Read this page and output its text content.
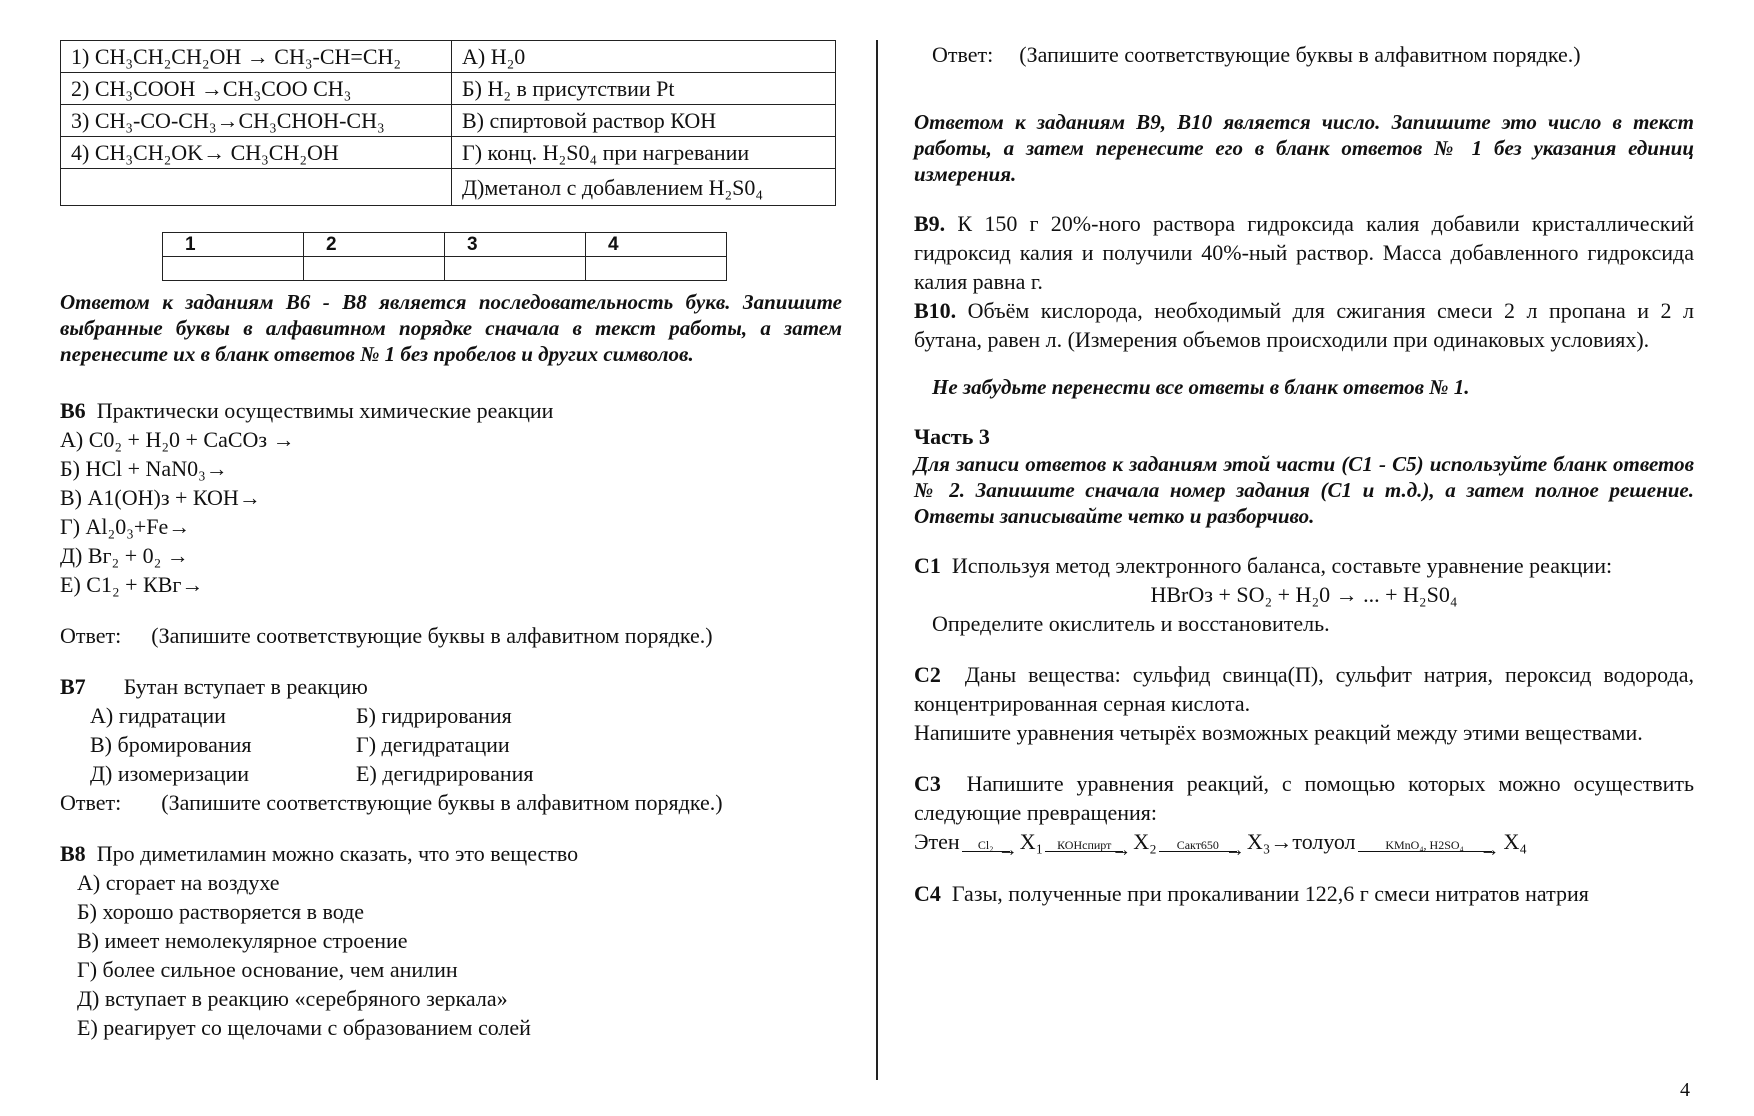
1) CH₃CH₂CH₂OH → CH₃-CH=CH₂	А) H₂0
2) CH₃COOH →CH₃COO CH₃	Б) H₂ в присутствии Pt
3) CH₃-CO-CH₃→CH₃CHOH-CH₃	В) спиртовой раствор КОН
4) CH₃CH₂OK→ CH₃CH₂OH	Г) конц. H₂S0₄ при нагревании
	Д)метанол с добавлением H₂S0₄
1	2	3	4

Ответом к заданиям В6 - В8 является последовательность букв. Запишите выбранные буквы в алфавитном порядке сначала в текст работы, а затем перенесите их в бланк ответов № 1 без пробелов и других символов.

В6 Практически осуществимы химические реакции

А) С0₂ + H₂0 + СаСОз →

Б) HCl + NaN0₃→

В) А1(ОН)з + КОН→

Г) Al₂0₃+Fe→

Д) Вг₂ + 0₂ →

Е) С1₂ + КВг→

Ответ: (Запишите соответствующие буквы в алфавитном порядке.)

В7 Бутан вступает в реакцию

А) гидратации	Б) гидрирования
В) бромирования	Г) дегидратации
Д) изомеризации	Е) дегидрирования

Ответ: (Запишите соответствующие буквы в алфавитном порядке.)

В8 Про диметиламин можно сказать, что это вещество

А) сгорает на воздухе

Б) хорошо растворяется в воде

В) имеет немолекулярное строение

Г) более сильное основание, чем анилин

Д) вступает в реакцию «серебряного зеркала»

Е) реагирует со щелочами с образованием солей

Ответ: (Запишите соответствующие буквы в алфавитном порядке.)

Ответом к заданиям В9, В10 является число. Запишите это число в текст работы, а затем перенесите его в бланк ответов № 1 без указания единиц измерения.

В9. К 150 г 20%-ного раствора гидроксида калия добавили кристаллический гидроксид калия и получили 40%-ный раствор. Масса добавленного гидроксида калия равна г.

В10. Объём кислорода, необходимый для сжигания смеси 2 л пропана и 2 л бутана, равен л. (Измерения объемов происходили при одинаковых условиях).

Не забудьте перенести все ответы в бланк ответов № 1.

Часть 3

Для записи ответов к заданиям этой части (С1 - С5) используйте бланк ответов № 2. Запишите сначала номер задания (С1 и т.д.), а затем полное решение. Ответы записывайте четко и разборчиво.

С1 Используя метод электронного баланса, составьте уравнение реакции:

HBrOз + SO₂ + H₂0 → ... + H₂S0₄

Определите окислитель и восстановитель.

С2 Даны вещества: сульфид свинца(П), сульфит натрия, пероксид водорода, концентрированная серная кислота.

Напишите уравнения четырёх возможных реакций между этими веществами.

С3 Напишите уравнения реакций, с помощью которых можно осуществить следующие превращения:

Этен Cl₂ → X₁ КОНспирт → X₂ Cакт650 → X₃→толуол KMnO₄, H2SO₄ → X₄

С4 Газы, полученные при прокаливании 122,6 г смеси нитратов натрия

4
